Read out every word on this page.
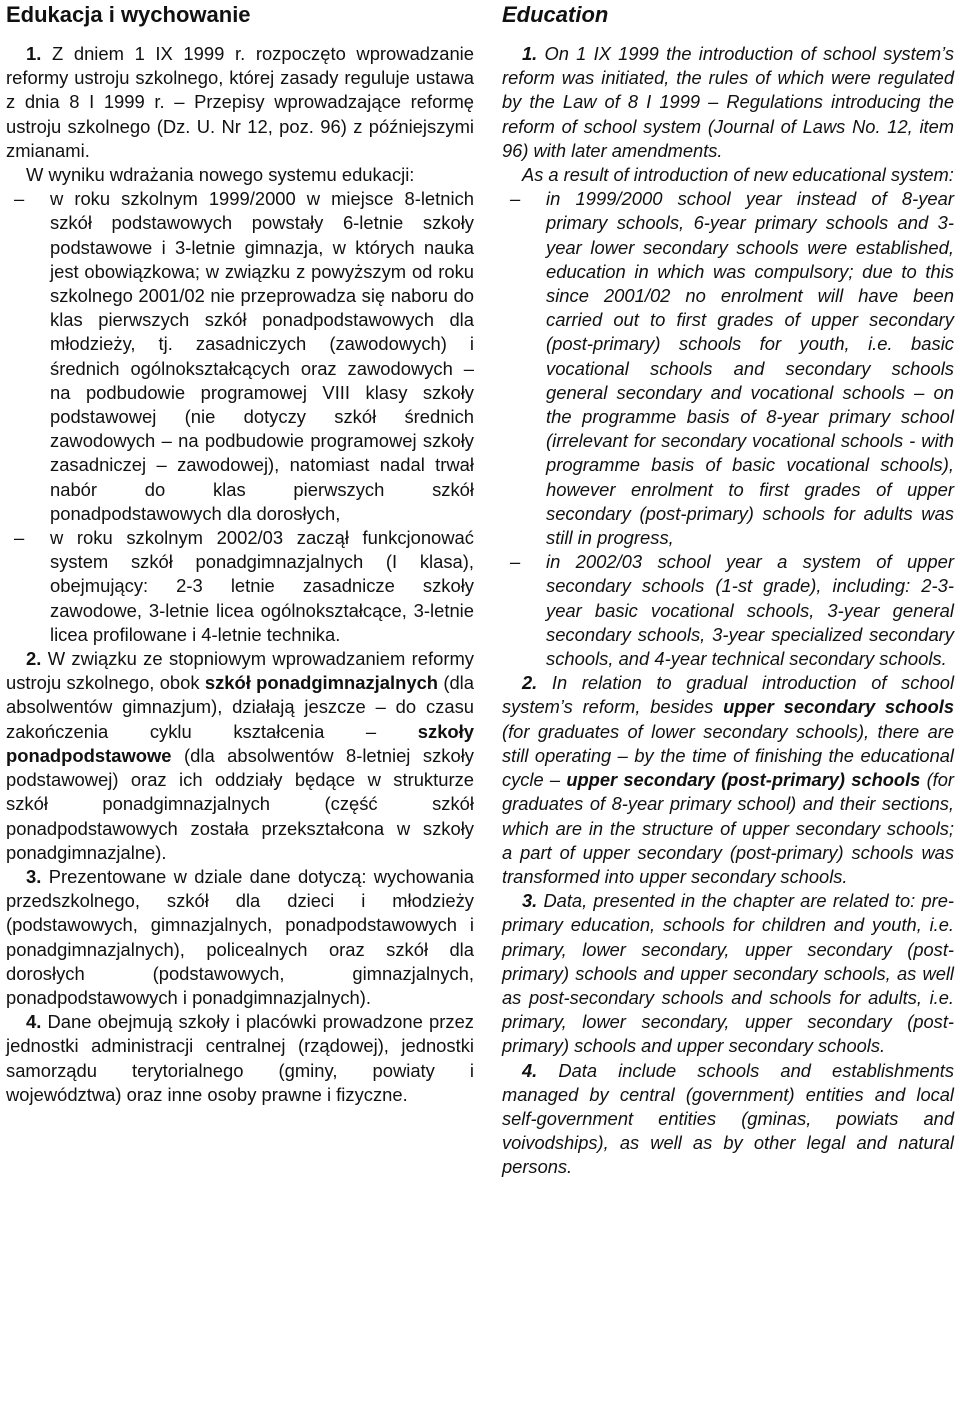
Edukacja i wychowanie

1. Z dniem 1 IX 1999 r. rozpoczęto wprowadzanie reformy ustroju szkolnego, której zasady reguluje ustawa z dnia 8 I 1999 r. – Przepisy wprowadzające reformę ustroju szkolnego (Dz. U. Nr 12, poz. 96) z późniejszymi zmianami.

W wyniku wdrażania nowego systemu edukacji:

– w roku szkolnym 1999/2000 w miejsce 8-letnich szkół podstawowych powstały 6-letnie szkoły podstawowe i 3-letnie gimnazja, w których nauka jest obowiązkowa; w związku z powyższym od roku szkolnego 2001/02 nie przeprowadza się naboru do klas pierwszych szkół ponadpodstawowych dla młodzieży, tj. zasadniczych (zawodowych) i średnich ogólnokształcących oraz zawodowych – na podbudowie programowej VIII klasy szkoły podstawowej (nie dotyczy szkół średnich zawodowych – na podbudowie programowej szkoły zasadniczej – zawodowej), natomiast nadal trwał nabór do klas pierwszych szkół ponadpodstawowych dla dorosłych,
– w roku szkolnym 2002/03 zaczął funkcjonować system szkół ponadgimnazjalnych (I klasa), obejmujący: 2-3 letnie zasadnicze szkoły zawodowe, 3-letnie licea ogólnokształcące, 3-letnie licea profilowane i 4-letnie technika.

2. W związku ze stopniowym wprowadzaniem reformy ustroju szkolnego, obok szkół ponadgimnazjalnych (dla absolwentów gimnazjum), działają jeszcze – do czasu zakończenia cyklu kształcenia – szkoły ponadpodstawowe (dla absolwentów 8-letniej szkoły podstawowej) oraz ich oddziały będące w strukturze szkół ponadgimnazjalnych (część szkół ponadpodstawowych została przekształcona w szkoły ponadgimnazjalne).

3. Prezentowane w dziale dane dotyczą: wychowania przedszkolnego, szkół dla dzieci i młodzieży (podstawowych, gimnazjalnych, ponadpodstawowych i ponadgimnazjalnych), policealnych oraz szkół dla dorosłych (podstawowych, gimnazjalnych, ponadpodstawowych i ponadgimnazjalnych).

4. Dane obejmują szkoły i placówki prowadzone przez jednostki administracji centralnej (rządowej), jednostki samorządu terytorialnego (gminy, powiaty i województwa) oraz inne osoby prawne i fizyczne.

Education

1. On 1 IX 1999 the introduction of school system’s reform was initiated, the rules of which were regulated by the Law of 8 I 1999 – Regulations introducing the reform of school system (Journal of Laws No. 12, item 96) with later amendments.

As a result of introduction of new educational system:

– in 1999/2000 school year instead of 8-year primary schools, 6-year primary schools and 3-year lower secondary schools were established, education in which was compulsory; due to this since 2001/02 no enrolment will have been carried out to first grades of upper secondary (post-primary) schools for youth, i.e. basic vocational schools and secondary schools general secondary and vocational schools – on the programme basis of 8-year primary school (irrelevant for secondary vocational schools - with programme basis of basic vocational schools), however enrolment to first grades of upper secondary (post-primary) schools for adults was still in progress,
– in 2002/03 school year a system of upper secondary schools (1-st grade), including: 2-3-year basic vocational schools, 3-year general secondary schools, 3-year specialized secondary schools, and 4-year technical secondary schools.

2. In relation to gradual introduction of school system’s reform, besides upper secondary schools (for graduates of lower secondary schools), there are still operating – by the time of finishing the educational cycle – upper secondary (post-primary) schools (for graduates of 8-year primary school) and their sections, which are in the structure of upper secondary schools; a part of upper secondary (post-primary) schools was transformed into upper secondary schools.

3. Data, presented in the chapter are related to: pre-primary education, schools for children and youth, i.e. primary, lower secondary, upper secondary (post-primary) schools and upper secondary schools, as well as post-secondary schools and schools for adults, i.e. primary, lower secondary, upper secondary (post-primary) schools and upper secondary schools.

4. Data include schools and establishments managed by central (government) entities and local self-government entities (gminas, powiats and voivodships), as well as by other legal and natural persons.
